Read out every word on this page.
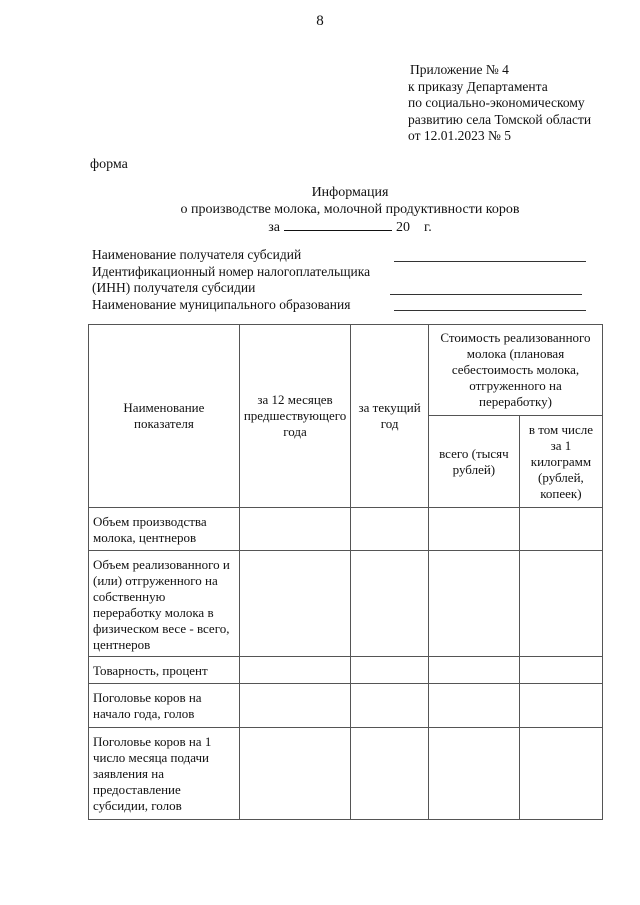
8
Приложение № 4
к приказу Департамента
по социально-экономическому
развитию села Томской области
от 12.01.2023 № 5
форма
Информация
о производстве молока, молочной продуктивности коров
за	20 г.
Наименование получателя субсидий
Идентификационный номер налогоплательщика
(ИНН) получателя субсидии
Наименование муниципального образования
Наименование показателя	за 12 месяцев предшествующего года	за текущий год	Стоимость реализованного молока (плановая себестоимость молока, отгруженного на переработку)	
			всего (тысяч рублей)	в том числе за 1 килограмм (рублей, копеек)
Объем производства молока, центнеров				
Объем реализованного и (или) отгруженного на собственную переработку молока в физическом весе - всего, центнеров				
Товарность, процент				
Поголовье коров на начало года, голов				
Поголовье коров на 1 число месяца подачи заявления на предоставление субсидии, голов				
